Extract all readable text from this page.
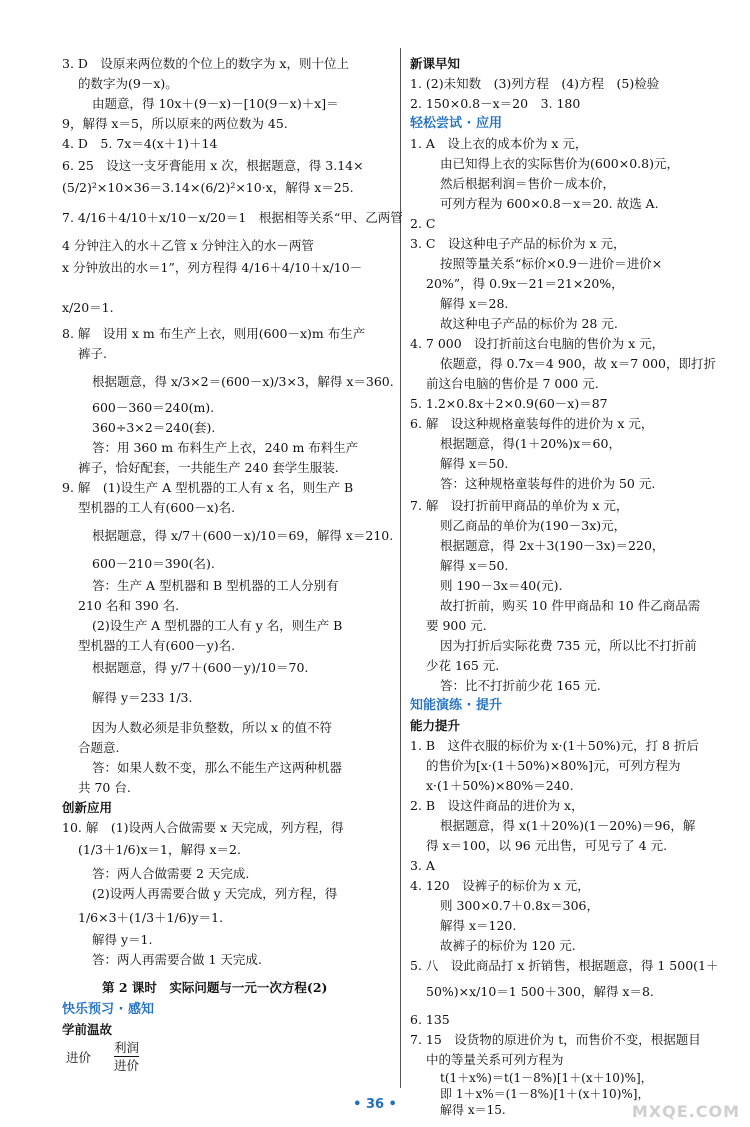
3. D　设原来两位数的个位上的数字为 x，则十位上
的数字为(9－x)。
由题意，得 10x＋(9－x)－[10(9－x)＋x]＝
9，解得 x＝5，所以原来的两位数为 45.
4. D　5. 7x＝4(x＋1)＋14
6. 25　设这一支牙膏能用 x 次，根据题意，得 3.14×
(5/2)²×10×36＝3.14×(6/2)²×10·x，解得 x＝25.
7. 4/16＋4/10＋x/10－x/20＝1　根据相等关系“甲、乙两管
4 分钟注入的水＋乙管 x 分钟注入的水－两管
x 分钟放出的水＝1”，列方程得 4/16＋4/10＋x/10－
x/20＝1.
8. 解　设用 x m 布生产上衣，则用(600－x)m 布生产
裤子.
根据题意，得 x/3×2＝(600－x)/3×3，解得 x＝360.
600－360＝240(m).
360÷3×2＝240(套).
答：用 360 m 布料生产上衣，240 m 布料生产
裤子，恰好配套，一共能生产 240 套学生服装.
9. 解　(1)设生产 A 型机器的工人有 x 名，则生产 B
型机器的工人有(600－x)名.
根据题意，得 x/7＋(600－x)/10＝69，解得 x＝210.
600－210＝390(名).
答：生产 A 型机器和 B 型机器的工人分别有
210 名和 390 名.
(2)设生产 A 型机器的工人有 y 名，则生产 B
型机器的工人有(600－y)名.
根据题意，得 y/7＋(600－y)/10＝70.
解得 y＝233 1/3.
因为人数必须是非负整数，所以 x 的值不符
合题意.
答：如果人数不变，那么不能生产这两种机器
共 70 台.
创新应用
10. 解　(1)设两人合做需要 x 天完成，列方程，得
(1/3＋1/6)x＝1，解得 x＝2.
答：两人合做需要 2 天完成.
(2)设两人再需要合做 y 天完成，列方程，得
1/6×3＋(1/3＋1/6)y＝1.
解得 y＝1.
答：两人再需要合做 1 天完成.
第 2 课时　实际问题与一元一次方程(2)
快乐预习 · 感知
学前温故
进价
利润
进价
新课早知
1. (2)未知数　(3)列方程　(4)方程　(5)检验
2. 150×0.8－x＝20　3. 180
轻松尝试 · 应用
1. A　设上衣的成本价为 x 元，
由已知得上衣的实际售价为(600×0.8)元，
然后根据利润＝售价－成本价，
可列方程为 600×0.8－x＝20. 故选 A.
2. C
3. C　设这种电子产品的标价为 x 元，
按照等量关系“标价×0.9－进价＝进价×
20%”，得 0.9x－21＝21×20%，
解得 x＝28.
故这种电子产品的标价为 28 元.
4. 7 000　设打折前这台电脑的售价为 x 元，
依题意，得 0.7x＝4 900，故 x＝7 000，即打折
前这台电脑的售价是 7 000 元.
5. 1.2×0.8x＋2×0.9(60－x)＝87
6. 解　设这种规格童装每件的进价为 x 元，
根据题意，得(1＋20%)x＝60，
解得 x＝50.
答：这种规格童装每件的进价为 50 元.
7. 解　设打折前甲商品的单价为 x 元，
则乙商品的单价为(190－3x)元，
根据题意，得 2x＋3(190－3x)＝220，
解得 x＝50.
则 190－3x＝40(元).
故打折前，购买 10 件甲商品和 10 件乙商品需
要 900 元.
因为打折后实际花费 735 元，所以比不打折前
少花 165 元.
答：比不打折前少花 165 元.
知能演练 · 提升
能力提升
1. B　这件衣服的标价为 x·(1＋50%)元，打 8 折后
的售价为[x·(1＋50%)×80%]元，可列方程为
x·(1＋50%)×80%＝240.
2. B　设这件商品的进价为 x，
根据题意，得 x(1＋20%)(1－20%)＝96，解
得 x＝100，以 96 元出售，可见亏了 4 元.
3. A
4. 120　设裤子的标价为 x 元，
则 300×0.7＋0.8x＝306，
解得 x＝120.
故裤子的标价为 120 元.
5. 八　设此商品打 x 折销售，根据题意，得 1 500(1＋
50%)×x/10＝1 500＋300，解得 x＝8.
6. 135
7. 15　设货物的原进价为 t，而售价不变，根据题目
中的等量关系可列方程为
t(1＋x%)＝t(1－8%)[1＋(x＋10)%]，
即 1＋x%＝(1－8%)[1＋(x＋10)%]，
解得 x＝15.
• 36 •	MXQE.COM
